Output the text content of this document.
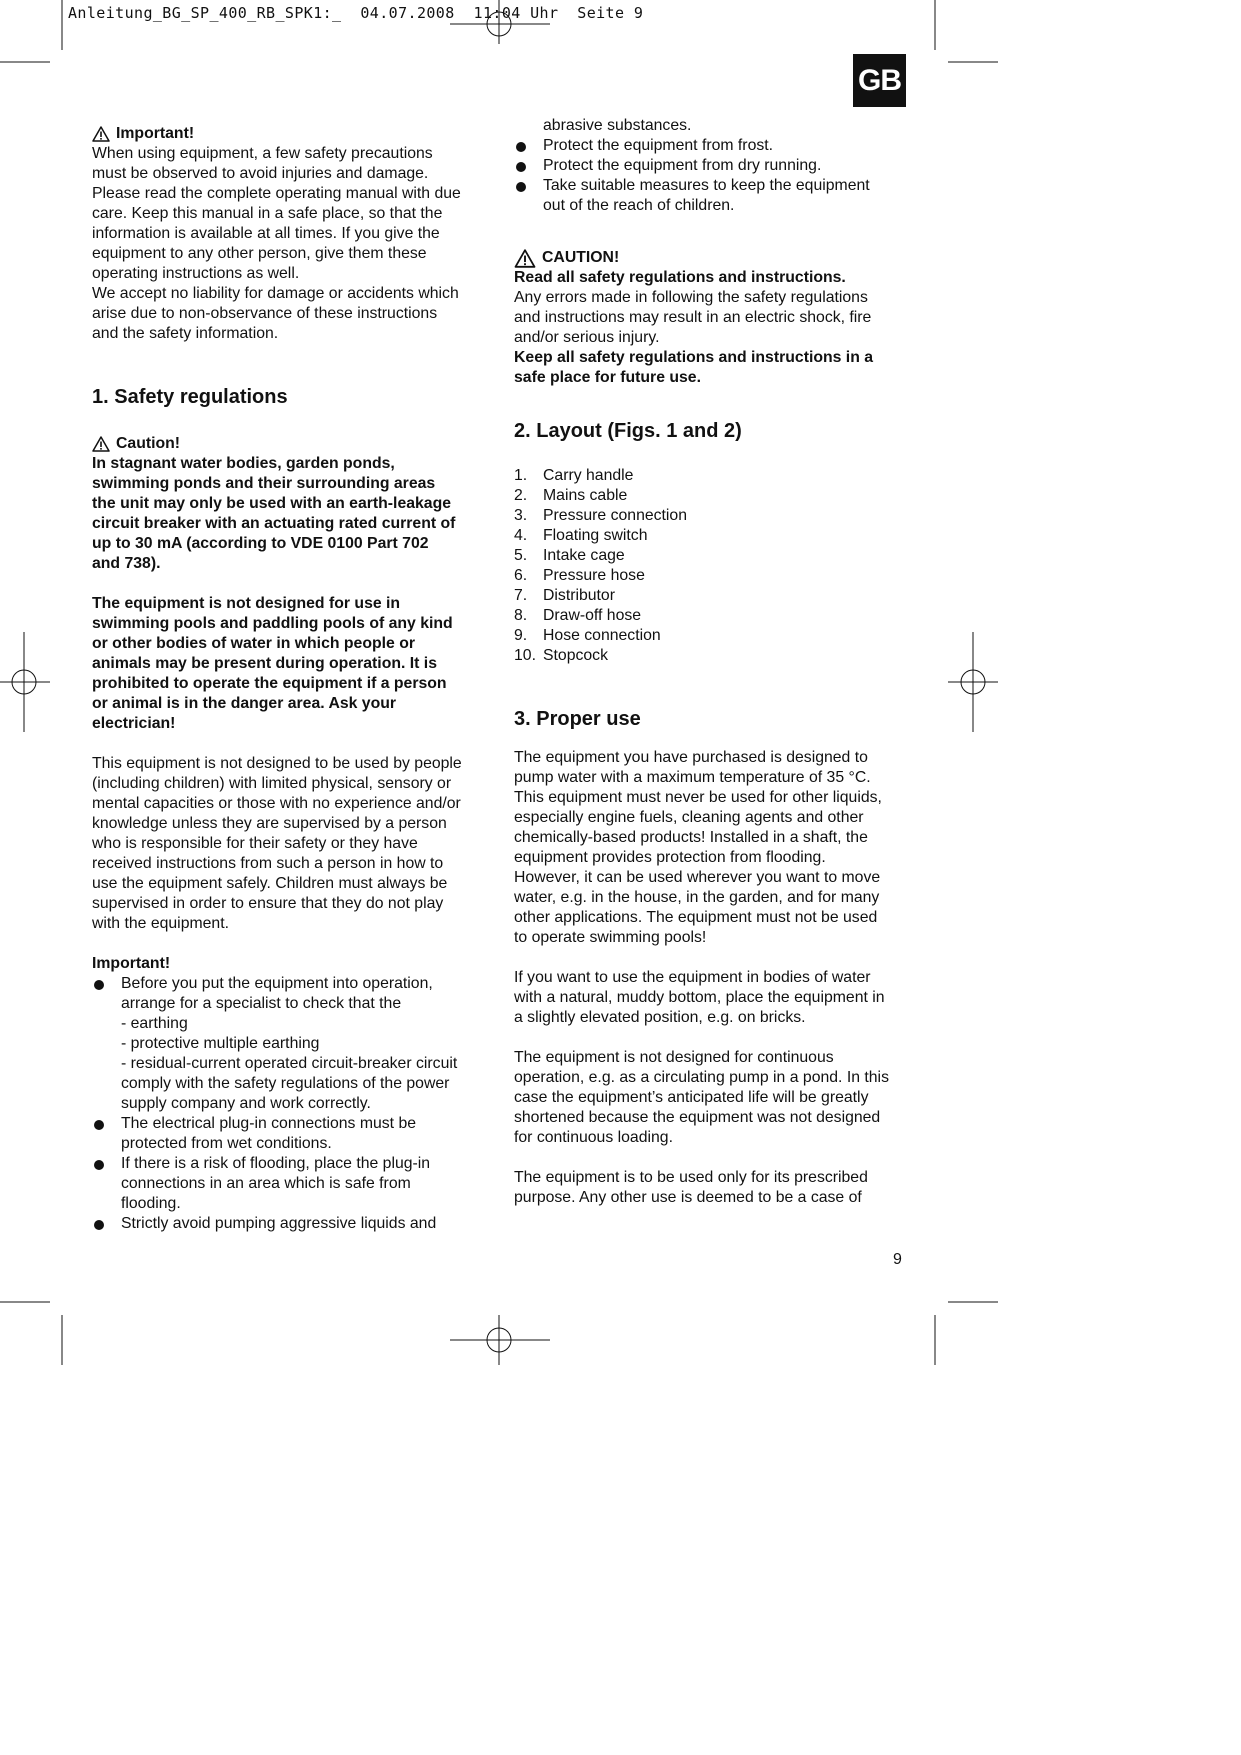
Anleitung_BG_SP_400_RB_SPK1:_  04.07.2008  11:04 Uhr  Seite 9

GB

Important!

When using equipment, a few safety precautions

must be observed to avoid injuries and damage.

Please read the complete operating manual with due

care. Keep this manual in a safe place, so that the

information is available at all times. If you give the

equipment to any other person, give them these

operating instructions as well.

We accept no liability for damage or accidents which

arise due to non-observance of these instructions

and the safety information.

1. Safety regulations

Caution!

In stagnant water bodies, garden ponds,

swimming ponds and their surrounding areas

the unit may only be used with an earth-leakage

circuit breaker with an actuating rated current of

up to 30 mA (according to VDE 0100 Part 702

and 738).

The equipment is not designed for use in

swimming pools and paddling pools of any kind

or other bodies of water in which people or

animals may be present during operation. It is

prohibited to operate the equipment if a person

or animal is in the danger area. Ask your

electrician!

This equipment is not designed to be used by people

(including children) with limited physical, sensory or

mental capacities or those with no experience and/or

knowledge unless they are supervised by a person

who is responsible for their safety or they have

received instructions from such a person in how to

use the equipment safely. Children must always be

supervised in order to ensure that they do not play

with the equipment.

Important!

Before you put the equipment into operation,

arrange for a specialist to check that the

- earthing

- protective multiple earthing

- residual-current operated circuit-breaker circuit

comply with the safety regulations of the power

supply company and work correctly.

The electrical plug-in connections must be

protected from wet conditions.

If there is a risk of flooding, place the plug-in

connections in an area which is safe from

flooding.

Strictly avoid pumping aggressive liquids and

abrasive substances.

Protect the equipment from frost.

Protect the equipment from dry running.

Take suitable measures to keep the equipment

out of the reach of children.

CAUTION!

Read all safety regulations and instructions.

Any errors made in following the safety regulations

and instructions may result in an electric shock, fire

and/or serious injury.

Keep all safety regulations and instructions in a

safe place for future use.

2. Layout (Figs. 1 and 2)
1. Carry handle
2. Mains cable
3. Pressure connection
4. Floating switch
5. Intake cage
6. Pressure hose
7. Distributor
8. Draw-off hose
9. Hose connection
10. Stopcock
3. Proper use

The equipment you have purchased is designed to

pump water with a maximum temperature of 35 °C.

This equipment must never be used for other liquids,

especially engine fuels, cleaning agents and other

chemically-based products! Installed in a shaft, the

equipment provides protection from flooding.

However, it can be used wherever you want to move

water, e.g. in the house, in the garden, and for many

other applications. The equipment must not be used

to operate swimming pools!

If you want to use the equipment in bodies of water

with a natural, muddy bottom, place the equipment in

a slightly elevated position, e.g. on bricks.

The equipment is not designed for continuous

operation, e.g. as a circulating pump in a pond. In this

case the equipment’s anticipated life will be greatly

shortened because the equipment was not designed

for continuous loading.

The equipment is to be used only for its prescribed

purpose. Any other use is deemed to be a case of

9
